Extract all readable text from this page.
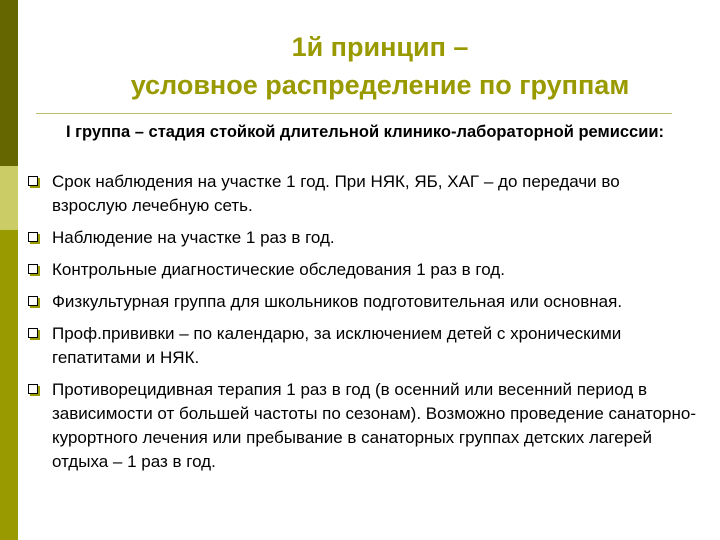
1й принцип –
условное распределение по группам
I группа – стадия стойкой длительной клинико-лабораторной ремиссии:
Срок наблюдения на участке 1 год. При НЯК, ЯБ, ХАГ – до передачи во взрослую лечебную сеть.
Наблюдение на участке 1 раз в год.
Контрольные диагностические обследования 1 раз в год.
Физкультурная группа для школьников подготовительная или основная.
Проф.прививки – по календарю, за исключением детей с хроническими гепатитами и НЯК.
Противорецидивная терапия 1 раз в год (в осенний или весенний период в зависимости от большей частоты по сезонам). Возможно проведение санаторно-курортного лечения или пребывание в санаторных группах детских лагерей отдыха – 1 раз в год.
